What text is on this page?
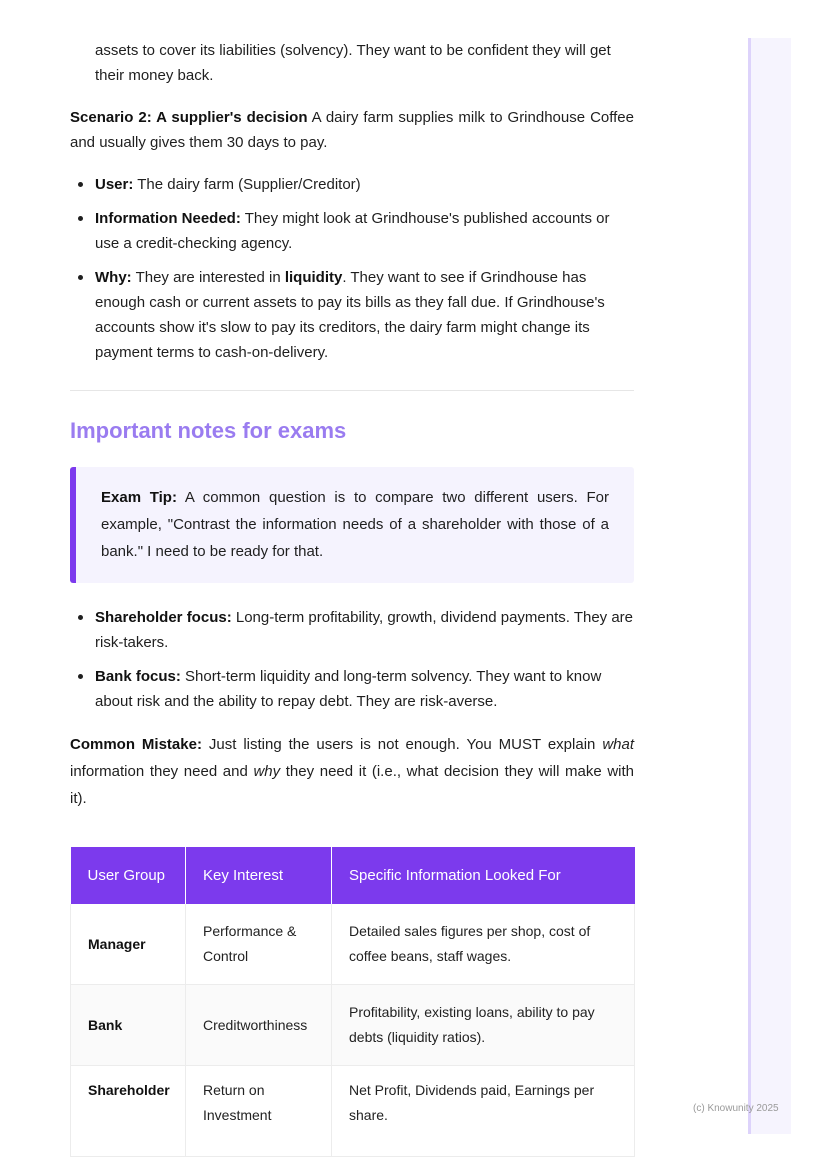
assets to cover its liabilities (solvency). They want to be confident they will get their money back.

Scenario 2: A supplier's decision A dairy farm supplies milk to Grindhouse Coffee and usually gives them 30 days to pay.

User: The dairy farm (Supplier/Creditor)
Information Needed: They might look at Grindhouse's published accounts or use a credit-checking agency.
Why: They are interested in liquidity. They want to see if Grindhouse has enough cash or current assets to pay its bills as they fall due. If Grindhouse's accounts show it's slow to pay its creditors, the dairy farm might change its payment terms to cash-on-delivery.
Important notes for exams

Exam Tip: A common question is to compare two different users. For example, "Contrast the information needs of a shareholder with those of a bank." I need to be ready for that.

Shareholder focus: Long-term profitability, growth, dividend payments. They are risk-takers.
Bank focus: Short-term liquidity and long-term solvency. They want to know about risk and the ability to repay debt. They are risk-averse.

Common Mistake: Just listing the users is not enough. You MUST explain what information they need and why they need it (i.e., what decision they will make with it).

User Group	Key Interest	Specific Information Looked For
Manager	Performance & Control	Detailed sales figures per shop, cost of coffee beans, staff wages.
Bank	Creditworthiness	Profitability, existing loans, ability to pay debts (liquidity ratios).
Shareholder	Return on Investment	Net Profit, Dividends paid, Earnings per share.	(c) Knowunity 2025
